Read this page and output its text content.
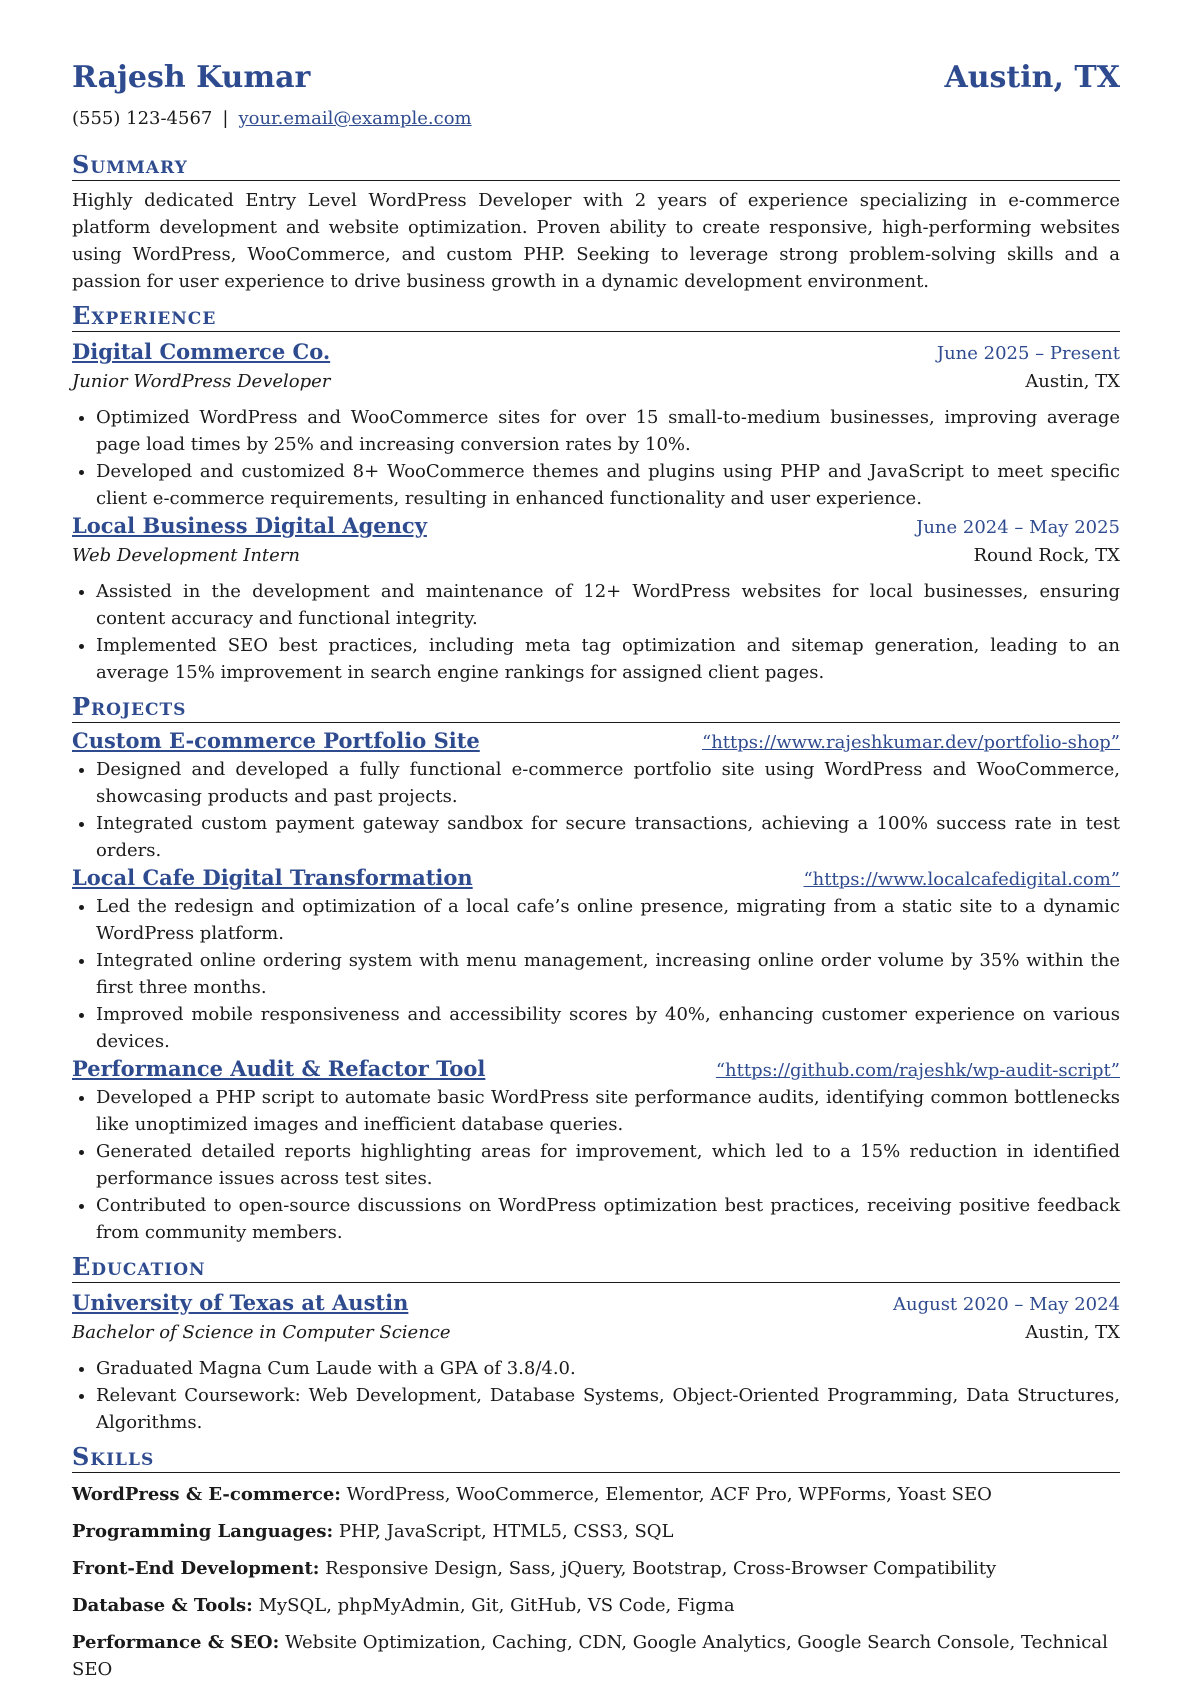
Rajesh Kumar	Austin, TX
(555) 123-4567 | your.email@example.com
Summary

Highly dedicated Entry Level WordPress Developer with 2 years of experience specializing in e-commerce platform development and website optimization. Proven ability to create responsive, high-performing websites using WordPress, WooCommerce, and custom PHP. Seeking to leverage strong problem-solving skills and a passion for user experience to drive business growth in a dynamic development environment.

Experience
Digital Commerce Co.	June 2025 – Present
Junior WordPress Developer	Austin, TX
• Optimized WordPress and WooCommerce sites for over 15 small-to-medium businesses, improving average page load times by 25% and increasing conversion rates by 10%.
• Developed and customized 8+ WooCommerce themes and plugins using PHP and JavaScript to meet specific client e-commerce requirements, resulting in enhanced functionality and user experience.
Local Business Digital Agency	June 2024 – May 2025
Web Development Intern	Round Rock, TX
• Assisted in the development and maintenance of 12+ WordPress websites for local businesses, ensuring content accuracy and functional integrity.
• Implemented SEO best practices, including meta tag optimization and sitemap generation, leading to an average 15% improvement in search engine rankings for assigned client pages.
Projects
Custom E-commerce Portfolio Site	“https://www.rajeshkumar.dev/portfolio-shop”
• Designed and developed a fully functional e-commerce portfolio site using WordPress and WooCommerce, showcasing products and past projects.
• Integrated custom payment gateway sandbox for secure transactions, achieving a 100% success rate in test orders.
Local Cafe Digital Transformation	“https://www.localcafedigital.com”
• Led the redesign and optimization of a local cafe’s online presence, migrating from a static site to a dynamic WordPress platform.
• Integrated online ordering system with menu management, increasing online order volume by 35% within the first three months.
• Improved mobile responsiveness and accessibility scores by 40%, enhancing customer experience on various devices.
Performance Audit & Refactor Tool	“https://github.com/rajeshk/wp-audit-script”
• Developed a PHP script to automate basic WordPress site performance audits, identifying common bottlenecks like unoptimized images and inefficient database queries.
• Generated detailed reports highlighting areas for improvement, which led to a 15% reduction in identified performance issues across test sites.
• Contributed to open-source discussions on WordPress optimization best practices, receiving positive feedback from community members.
Education
University of Texas at Austin	August 2020 – May 2024
Bachelor of Science in Computer Science	Austin, TX
• Graduated Magna Cum Laude with a GPA of 3.8/4.0.
• Relevant Coursework: Web Development, Database Systems, Object-Oriented Programming, Data Structures, Algorithms.
Skills

WordPress & E-commerce: WordPress, WooCommerce, Elementor, ACF Pro, WPForms, Yoast SEO

Programming Languages: PHP, JavaScript, HTML5, CSS3, SQL

Front-End Development: Responsive Design, Sass, jQuery, Bootstrap, Cross-Browser Compatibility

Database & Tools: MySQL, phpMyAdmin, Git, GitHub, VS Code, Figma

Performance & SEO: Website Optimization, Caching, CDN, Google Analytics, Google Search Console, Technical SEO
